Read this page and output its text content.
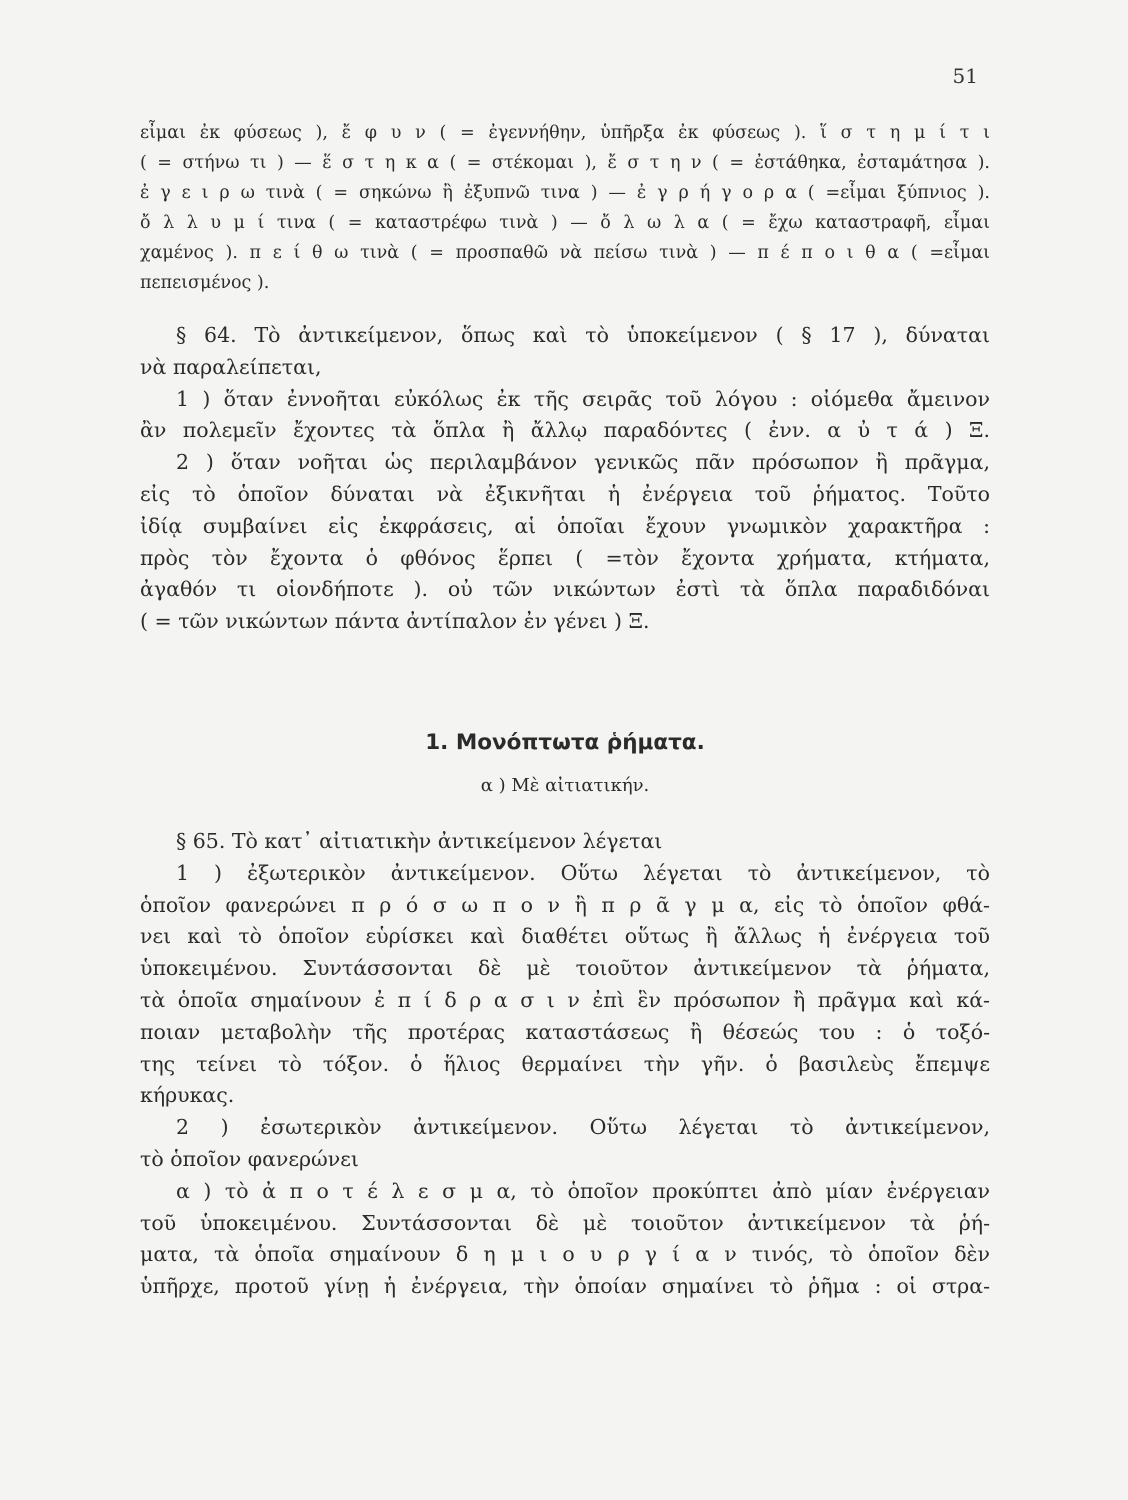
51

εἶμαι ἐκ φύσεως ), ἔ φ υ ν ( = ἐγεννήθην, ὑπῆρξα ἐκ φύσεως ). ἵ σ τ η μ ί τ ι

( = στήνω τι ) — ἕ σ τ η κ α ( = στέκομαι ), ἔ σ τ η ν ( = ἐστάθηκα, ἐσταμάτησα ).

ἐ γ ε ι ρ ω τινὰ ( = σηκώνω ἢ ἐξυπνῶ τινα ) — ἐ γ ρ ή γ ο ρ α ( =εἶμαι ξύπνιος ).

ὄ λ λ υ μ ί τινα ( = καταστρέφω τινὰ ) — ὄ λ ω λ α ( = ἔχω καταστραφῆ, εἶμαι

χαμένος ). π ε ί θ ω τινὰ ( = προσπαθῶ νὰ πείσω τινὰ ) — π έ π ο ι θ α ( =εἶμαι

πεπεισμένος ).

§ 64. Τὸ ἀντικείμενον, ὅπως καὶ τὸ ὑποκείμενον ( § 17 ), δύναται

νὰ παραλείπεται,

1 ) ὅταν ἐννοῆται εὐκόλως ἐκ τῆς σειρᾶς τοῦ λόγου : οἰόμεθα ἄμεινον

ἂν πολεμεῖν ἔχοντες τὰ ὅπλα ἢ ἄλλῳ παραδόντες ( ἐνν. α ὐ τ ά ) Ξ.

2 ) ὅταν νοῆται ὡς περιλαμβάνον γενικῶς πᾶν πρόσωπον ἢ πρᾶγμα,

εἰς τὸ ὁποῖον δύναται νὰ ἐξικνῆται ἡ ἐνέργεια τοῦ ῥήματος. Τοῦτο

ἰδίᾳ συμβαίνει εἰς ἐκφράσεις, αἱ ὁποῖαι ἔχουν γνωμικὸν χαρακτῆρα :

πρὸς τὸν ἔχοντα ὁ φθόνος ἕρπει ( =τὸν ἔχοντα χρήματα, κτήματα,

ἀγαθόν τι οἱονδήποτε ). οὐ τῶν νικώντων ἐστὶ τὰ ὅπλα παραδιδόναι

( = τῶν νικώντων πάντα ἀντίπαλον ἐν γένει ) Ξ.

1. Μονόπτωτα ῥήματα.

α ) Μὲ αἰτιατικήν.

§ 65. Τὸ κατ᾽ αἰτιατικὴν ἀντικείμενον λέγεται

1 ) ἐξωτερικὸν ἀντικείμενον. Οὕτω λέγεται τὸ ἀντικείμενον, τὸ

ὁποῖον φανερώνει π ρ ό σ ω π ο ν ἢ π ρ ᾶ γ μ α, εἰς τὸ ὁποῖον φθά-

νει καὶ τὸ ὁποῖον εὑρίσκει καὶ διαθέτει οὕτως ἢ ἄλλως ἡ ἐνέργεια τοῦ

ὑποκειμένου. Συντάσσονται δὲ μὲ τοιοῦτον ἀντικείμενον τὰ ῥήματα,

τὰ ὁποῖα σημαίνουν ἐ π ί δ ρ α σ ι ν ἐπὶ ἓν πρόσωπον ἢ πρᾶγμα καὶ κά-

ποιαν μεταβολὴν τῆς προτέρας καταστάσεως ἢ θέσεώς του : ὁ τοξό-

της τείνει τὸ τόξον. ὁ ἥλιος θερμαίνει τὴν γῆν. ὁ βασιλεὺς ἔπεμψε

κήρυκας.

2 ) ἐσωτερικὸν ἀντικείμενον. Οὕτω λέγεται τὸ ἀντικείμενον,

τὸ ὁποῖον φανερώνει

α ) τὸ ἀ π ο τ έ λ ε σ μ α, τὸ ὁποῖον προκύπτει ἀπὸ μίαν ἐνέργειαν

τοῦ ὑποκειμένου. Συντάσσονται δὲ μὲ τοιοῦτον ἀντικείμενον τὰ ῥή-

ματα, τὰ ὁποῖα σημαίνουν δ η μ ι ο υ ρ γ ί α ν τινός, τὸ ὁποῖον δὲν

ὑπῆρχε, προτοῦ γίνῃ ἡ ἐνέργεια, τὴν ὁποίαν σημαίνει τὸ ῥῆμα : οἱ στρα-
